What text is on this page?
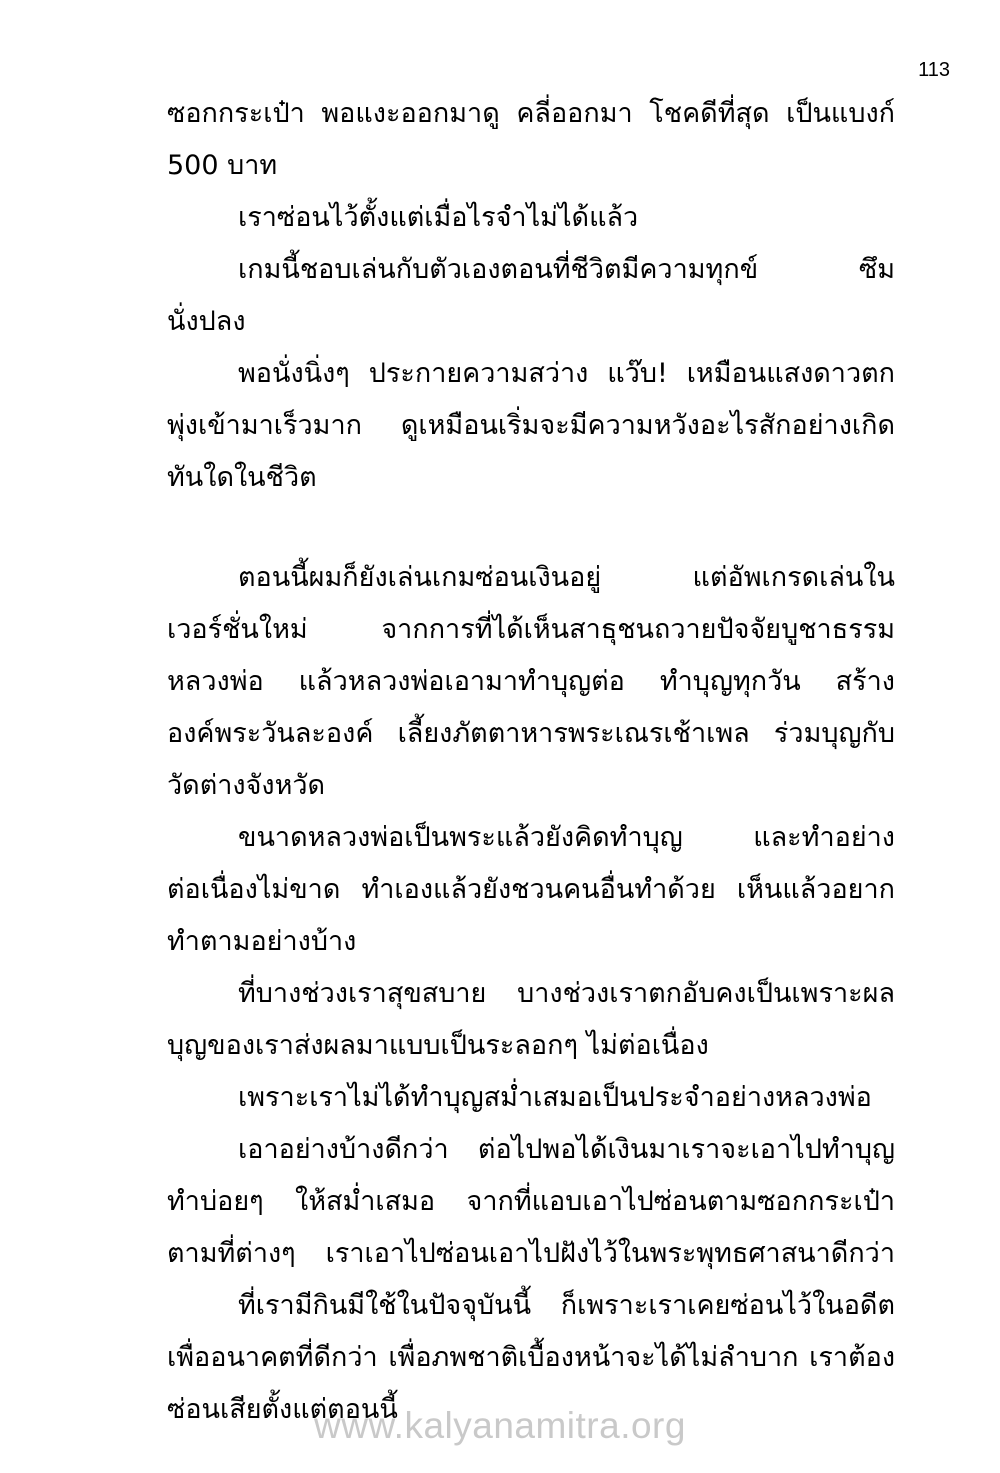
113
ซอกกระเป๋า พอแงะออกมาดู คลี่ออกมา โชคดีที่สุด เป็นแบงก์
500 บาท
เราซ่อนไว้ตั้งแต่เมื่อไรจำไม่ได้แล้ว
เกมนี้ชอบเล่นกับตัวเองตอนที่ชีวิตมีความทุกข์ ซึม
นั่งปลง
พอนั่งนิ่งๆ ประกายความสว่าง แว๊บ! เหมือนแสงดาวตก
พุ่งเข้ามาเร็วมาก ดูเหมือนเริ่มจะมีความหวังอะไรสักอย่างเกิด
ทันใดในชีวิต
ตอนนี้ผมก็ยังเล่นเกมซ่อนเงินอยู่ แต่อัพเกรดเล่นใน
เวอร์ชั่นใหม่ จากการที่ได้เห็นสาธุชนถวายปัจจัยบูชาธรรม
หลวงพ่อ แล้วหลวงพ่อเอามาทำบุญต่อ ทำบุญทุกวัน สร้าง
องค์พระวันละองค์ เลี้ยงภัตตาหารพระเณรเช้าเพล ร่วมบุญกับ
วัดต่างจังหวัด
ขนาดหลวงพ่อเป็นพระแล้วยังคิดทำบุญ และทำอย่าง
ต่อเนื่องไม่ขาด ทำเองแล้วยังชวนคนอื่นทำด้วย เห็นแล้วอยาก
ทำตามอย่างบ้าง
ที่บางช่วงเราสุขสบาย บางช่วงเราตกอับคงเป็นเพราะผล
บุญของเราส่งผลมาแบบเป็นระลอกๆ ไม่ต่อเนื่อง
เพราะเราไม่ได้ทำบุญสม่ำเสมอเป็นประจำอย่างหลวงพ่อ
เอาอย่างบ้างดีกว่า ต่อไปพอได้เงินมาเราจะเอาไปทำบุญ
ทำบ่อยๆ ให้สม่ำเสมอ จากที่แอบเอาไปซ่อนตามซอกกระเป๋า
ตามที่ต่างๆ เราเอาไปซ่อนเอาไปฝังไว้ในพระพุทธศาสนาดีกว่า
ที่เรามีกินมีใช้ในปัจจุบันนี้ ก็เพราะเราเคยซ่อนไว้ในอดีต
เพื่ออนาคตที่ดีกว่า เพื่อภพชาติเบื้องหน้าจะได้ไม่ลำบาก เราต้อง
ซ่อนเสียตั้งแต่ตอนนี้
www.kalyanamitra.org
